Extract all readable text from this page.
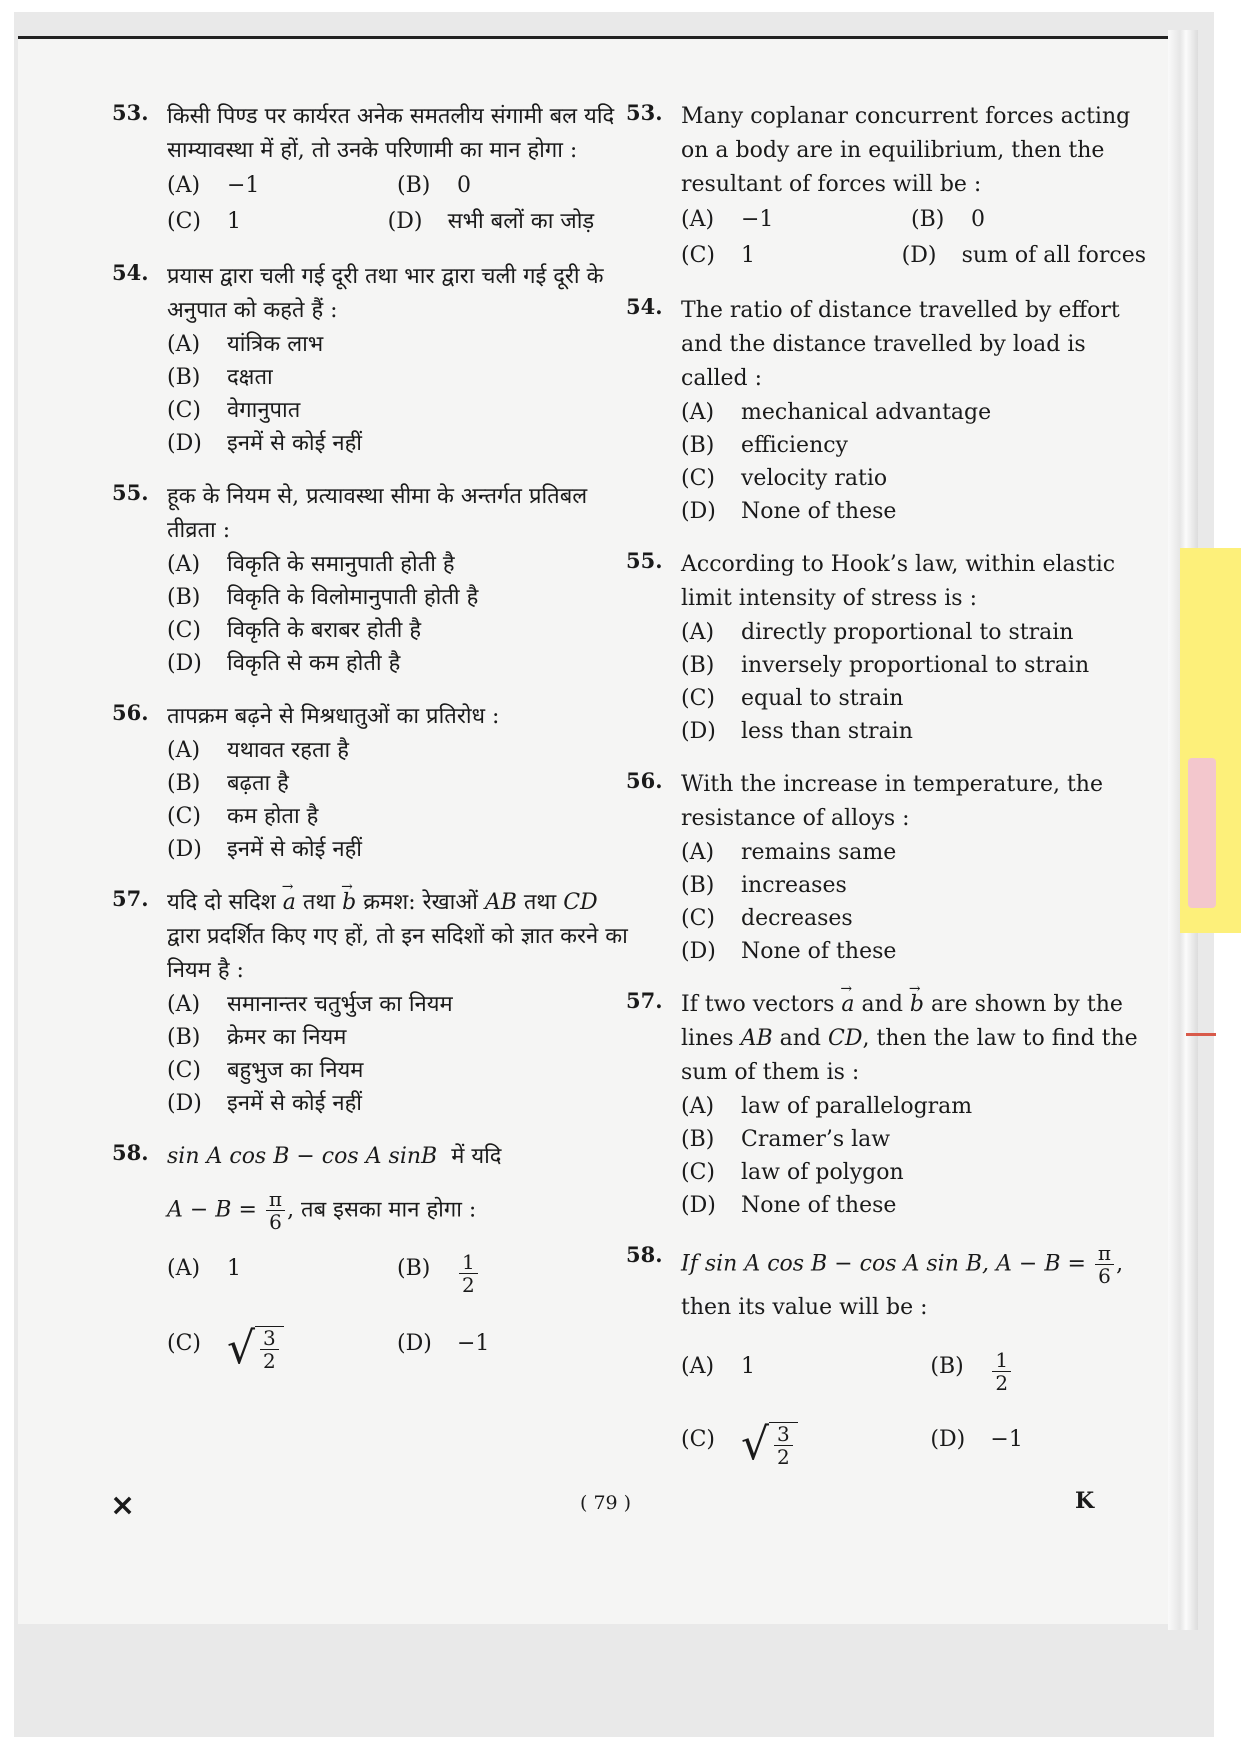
53. किसी पिण्ड पर कार्यरत अनेक समतलीय संगामी बल यदि साम्यावस्था में हों, तो उनके परिणामी का मान होगा :
(A)	−1	(B)	0
(C)	1	(D)	सभी बलों का जोड़
54. प्रयास द्वारा चली गई दूरी तथा भार द्वारा चली गई दूरी के अनुपात को कहते हैं :
(A)	यांत्रिक लाभ
(B)	दक्षता
(C)	वेगानुपात
(D)	इनमें से कोई नहीं
55. हूक के नियम से, प्रत्यावस्था सीमा के अन्तर्गत प्रतिबल तीव्रता :
(A)	विकृति के समानुपाती होती है
(B)	विकृति के विलोमानुपाती होती है
(C)	विकृति के बराबर होती है
(D)	विकृति से कम होती है
56. तापक्रम बढ़ने से मिश्रधातुओं का प्रतिरोध :
(A)	यथावत रहता है
(B)	बढ़ता है
(C)	कम होता है
(D)	इनमें से कोई नहीं
57. यदि दो सदिश → a तथा → b क्रमश: रेखाओं AB तथा CD द्वारा प्रदर्शित किए गए हों, तो इन सदिशों को ज्ञात करने का नियम है :
(A)	समानान्तर चतुर्भुज का नियम
(B)	क्रेमर का नियम
(C)	बहुभुज का नियम
(D)	इनमें से कोई नहीं
58. sin A cos B − cos A sinB में यदि
$A - B = \frac{\pi}{6}$ , तब इसका मान होगा :
(A)	1	(B)	$\frac{1}{2}$
(C) √ $\frac{3}{2}$	(D)	−1
53. Many coplanar concurrent forces acting on a body are in equilibrium, then the resultant of forces will be :
(A)	−1	(B)	0
(C)	1	(D)	sum of all forces
54. The ratio of distance travelled by effort and the distance travelled by load is called :
(A)	mechanical advantage
(B)	efficiency
(C)	velocity ratio
(D)	None of these
55. According to Hook’s law, within elastic limit intensity of stress is :
(A)	directly proportional to strain
(B)	inversely proportional to strain
(C)	equal to strain
(D)	less than strain
56. With the increase in temperature, the resistance of alloys :
(A)	remains same
(B)	increases
(C)	decreases
(D)	None of these
57. If two vectors → a and → b are shown by the lines AB and CD, then the law to find the sum of them is :
(A)	law of parallelogram
(B)	Cramer’s law
(C)	law of polygon
(D)	None of these
58. If sin A cos B − cos A sin B, $A - B = \frac{\pi}{6}$ ,
then its value will be :
(A)	1	(B)	$\frac{1}{2}$
(C) √ $\frac{3}{2}$	(D)	−1
×	( 79 )	K
